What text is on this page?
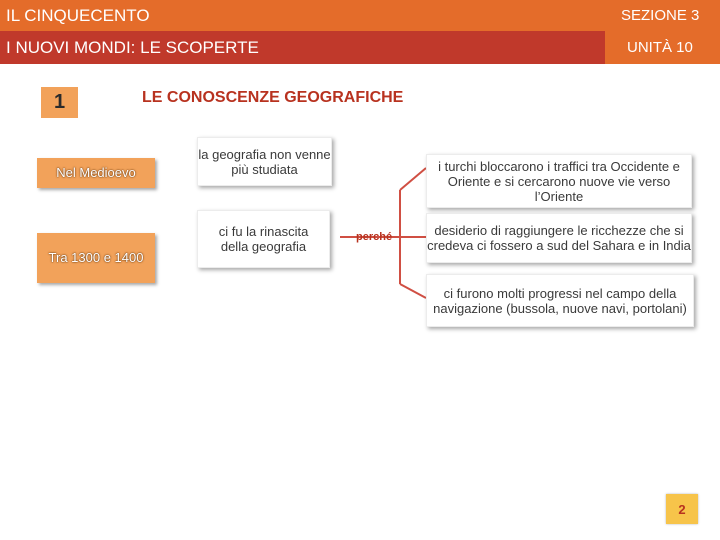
IL CINQUECENTO	SEZIONE 3
I NUOVI MONDI: LE SCOPERTE	UNITÀ 10
1	LE CONOSCENZE GEOGRAFICHE
Nel Medioevo
Tra 1300 e 1400
la geografia non venne più studiata
ci fu la rinascita della geografia
perché
i turchi bloccarono i traffici tra Occidente e Oriente e si cercarono nuove vie verso l’Oriente
desiderio di raggiungere le ricchezze che si credeva ci fossero a sud del Sahara e in India
ci furono molti progressi nel campo della navigazione (bussola, nuove navi, portolani)
2
